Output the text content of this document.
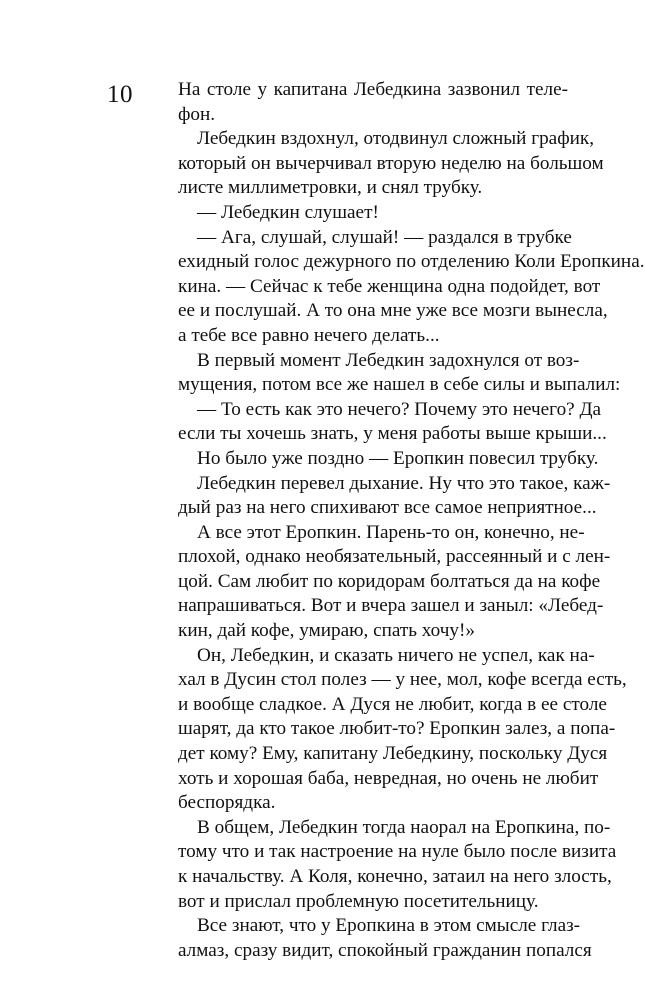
10 На столе у капитана Лебедкина зазвонил теле-
фон.
Лебедкин вздохнул, отодвинул сложный график,
который он вычерчивал вторую неделю на большом
листе миллиметровки, и снял трубку.
— Лебедкин слушает!
— Ага, слушай, слушай! — раздался в трубке
ехидный голос дежурного по отделению Коли Еропкина.
кина. — Сейчас к тебе женщина одна подойдет, вот
ее и послушай. А то она мне уже все мозги вынесла,
а тебе все равно нечего делать...
В первый момент Лебедкин задохнулся от воз-
мущения, потом все же нашел в себе силы и выпалил:
— То есть как это нечего? Почему это нечего? Да
если ты хочешь знать, у меня работы выше крыши...
Но было уже поздно — Еропкин повесил трубку.
Лебедкин перевел дыхание. Ну что это такое, каж-
дый раз на него спихивают все самое неприятное...
А все этот Еропкин. Парень-то он, конечно, не-
плохой, однако необязательный, рассеянный и с лен-
цой. Сам любит по коридорам болтаться да на кофе
напрашиваться. Вот и вчера зашел и заныл: «Лебед-
кин, дай кофе, умираю, спать хочу!»
Он, Лебедкин, и сказать ничего не успел, как на-
хал в Дусин стол полез — у нее, мол, кофе всегда есть,
и вообще сладкое. А Дуся не любит, когда в ее столе
шарят, да кто такое любит-то? Еропкин залез, а попа-
дет кому? Ему, капитану Лебедкину, поскольку Дуся
хоть и хорошая баба, невредная, но очень не любит
беспорядка.
В общем, Лебедкин тогда наорал на Еропкина, по-
тому что и так настроение на нуле было после визита
к начальству. А Коля, конечно, затаил на него злость,
вот и прислал проблемную посетительницу.
Все знают, что у Еропкина в этом смысле глаз-
алмаз, сразу видит, спокойный гражданин попался
